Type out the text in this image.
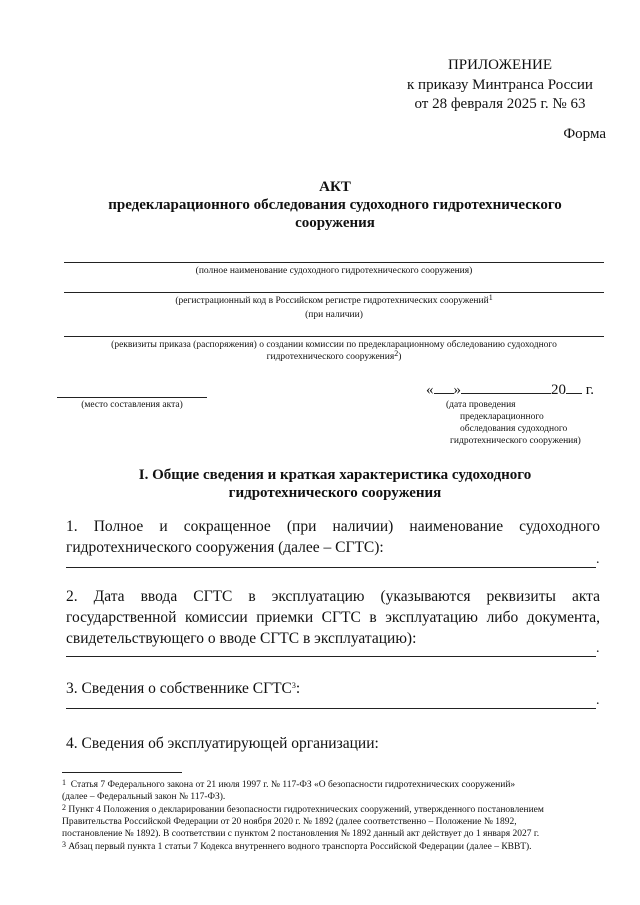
ПРИЛОЖЕНИЕ
к приказу Минтранса России
от 28 февраля 2025 г. № 63
Форма
АКТ
предекларационного обследования судоходного гидротехнического
сооружения
(полное наименование судоходного гидротехнического сооружения)
(регистрационный код в Российском регистре гидротехнических сооружений$^1$
(при наличии)
(реквизиты приказа (распоряжения) о создании комиссии по предекларационному обследованию судоходного
гидротехнического сооружения$^2$)
(место составления акта)
« »	20 г.
(дата проведения
предекларационного
обследования судоходного
гидротехнического сооружения)
I. Общие сведения и краткая характеристика судоходного
гидротехнического сооружения
1. Полное и сокращенное (при наличии) наименование судоходного
гидротехнического сооружения (далее – СГТС):
.
2. Дата ввода СГТС в эксплуатацию (указываются реквизиты акта
государственной комиссии приемки СГТС в эксплуатацию либо документа,
свидетельствующего о вводе СГТС в эксплуатацию):
.
3. Сведения о собственнике СГТС$^3$:
.
4. Сведения об эксплуатирующей организации:
$^1$ Статья 7 Федерального закона от 21 июля 1997 г. № 117-ФЗ «О безопасности гидротехнических сооружений»
(далее – Федеральный закон № 117-ФЗ).
$^2$ Пункт 4 Положения о декларировании безопасности гидротехнических сооружений, утвержденного постановлением
Правительства Российской Федерации от 20 ноября 2020 г. № 1892 (далее соответственно – Положение № 1892,
постановление № 1892). В соответствии с пунктом 2 постановления № 1892 данный акт действует до 1 января 2027 г.
$^3$ Абзац первый пункта 1 статьи 7 Кодекса внутреннего водного транспорта Российской Федерации (далее – КВВТ).
